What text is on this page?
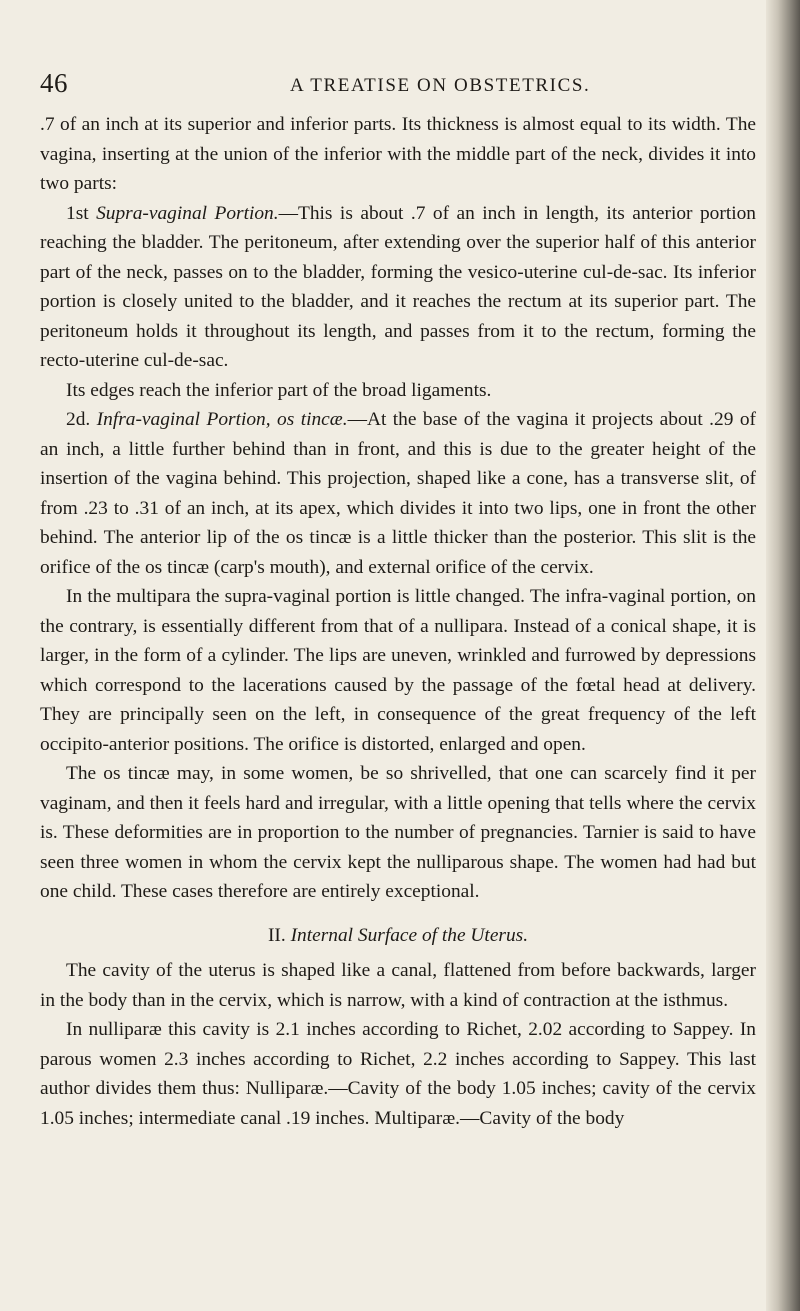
46	A TREATISE ON OBSTETRICS.

.7 of an inch at its superior and inferior parts. Its thickness is almost equal to its width. The vagina, inserting at the union of the inferior with the middle part of the neck, divides it into two parts:

1st Supra-vaginal Portion.—This is about .7 of an inch in length, its anterior portion reaching the bladder. The peritoneum, after extending over the superior half of this anterior part of the neck, passes on to the bladder, forming the vesico-uterine cul-de-sac. Its inferior portion is closely united to the bladder, and it reaches the rectum at its superior part. The peritoneum holds it throughout its length, and passes from it to the rectum, forming the recto-uterine cul-de-sac.

Its edges reach the inferior part of the broad ligaments.

2d. Infra-vaginal Portion, os tincæ.—At the base of the vagina it projects about .29 of an inch, a little further behind than in front, and this is due to the greater height of the insertion of the vagina behind. This projection, shaped like a cone, has a transverse slit, of from .23 to .31 of an inch, at its apex, which divides it into two lips, one in front the other behind. The anterior lip of the os tincæ is a little thicker than the posterior. This slit is the orifice of the os tincæ (carp's mouth), and external orifice of the cervix.

In the multipara the supra-vaginal portion is little changed. The infra-vaginal portion, on the contrary, is essentially different from that of a nullipara. Instead of a conical shape, it is larger, in the form of a cylinder. The lips are uneven, wrinkled and furrowed by depressions which correspond to the lacerations caused by the passage of the fœtal head at delivery. They are principally seen on the left, in consequence of the great frequency of the left occipito-anterior positions. The orifice is distorted, enlarged and open.

The os tincæ may, in some women, be so shrivelled, that one can scarcely find it per vaginam, and then it feels hard and irregular, with a little opening that tells where the cervix is. These deformities are in proportion to the number of pregnancies. Tarnier is said to have seen three women in whom the cervix kept the nulliparous shape. The women had had but one child. These cases therefore are entirely exceptional.

II. Internal Surface of the Uterus.

The cavity of the uterus is shaped like a canal, flattened from before backwards, larger in the body than in the cervix, which is narrow, with a kind of contraction at the isthmus.

In nulliparæ this cavity is 2.1 inches according to Richet, 2.02 according to Sappey. In parous women 2.3 inches according to Richet, 2.2 inches according to Sappey. This last author divides them thus: Nulliparæ.—Cavity of the body 1.05 inches; cavity of the cervix 1.05 inches; intermediate canal .19 inches. Multiparæ.—Cavity of the body
